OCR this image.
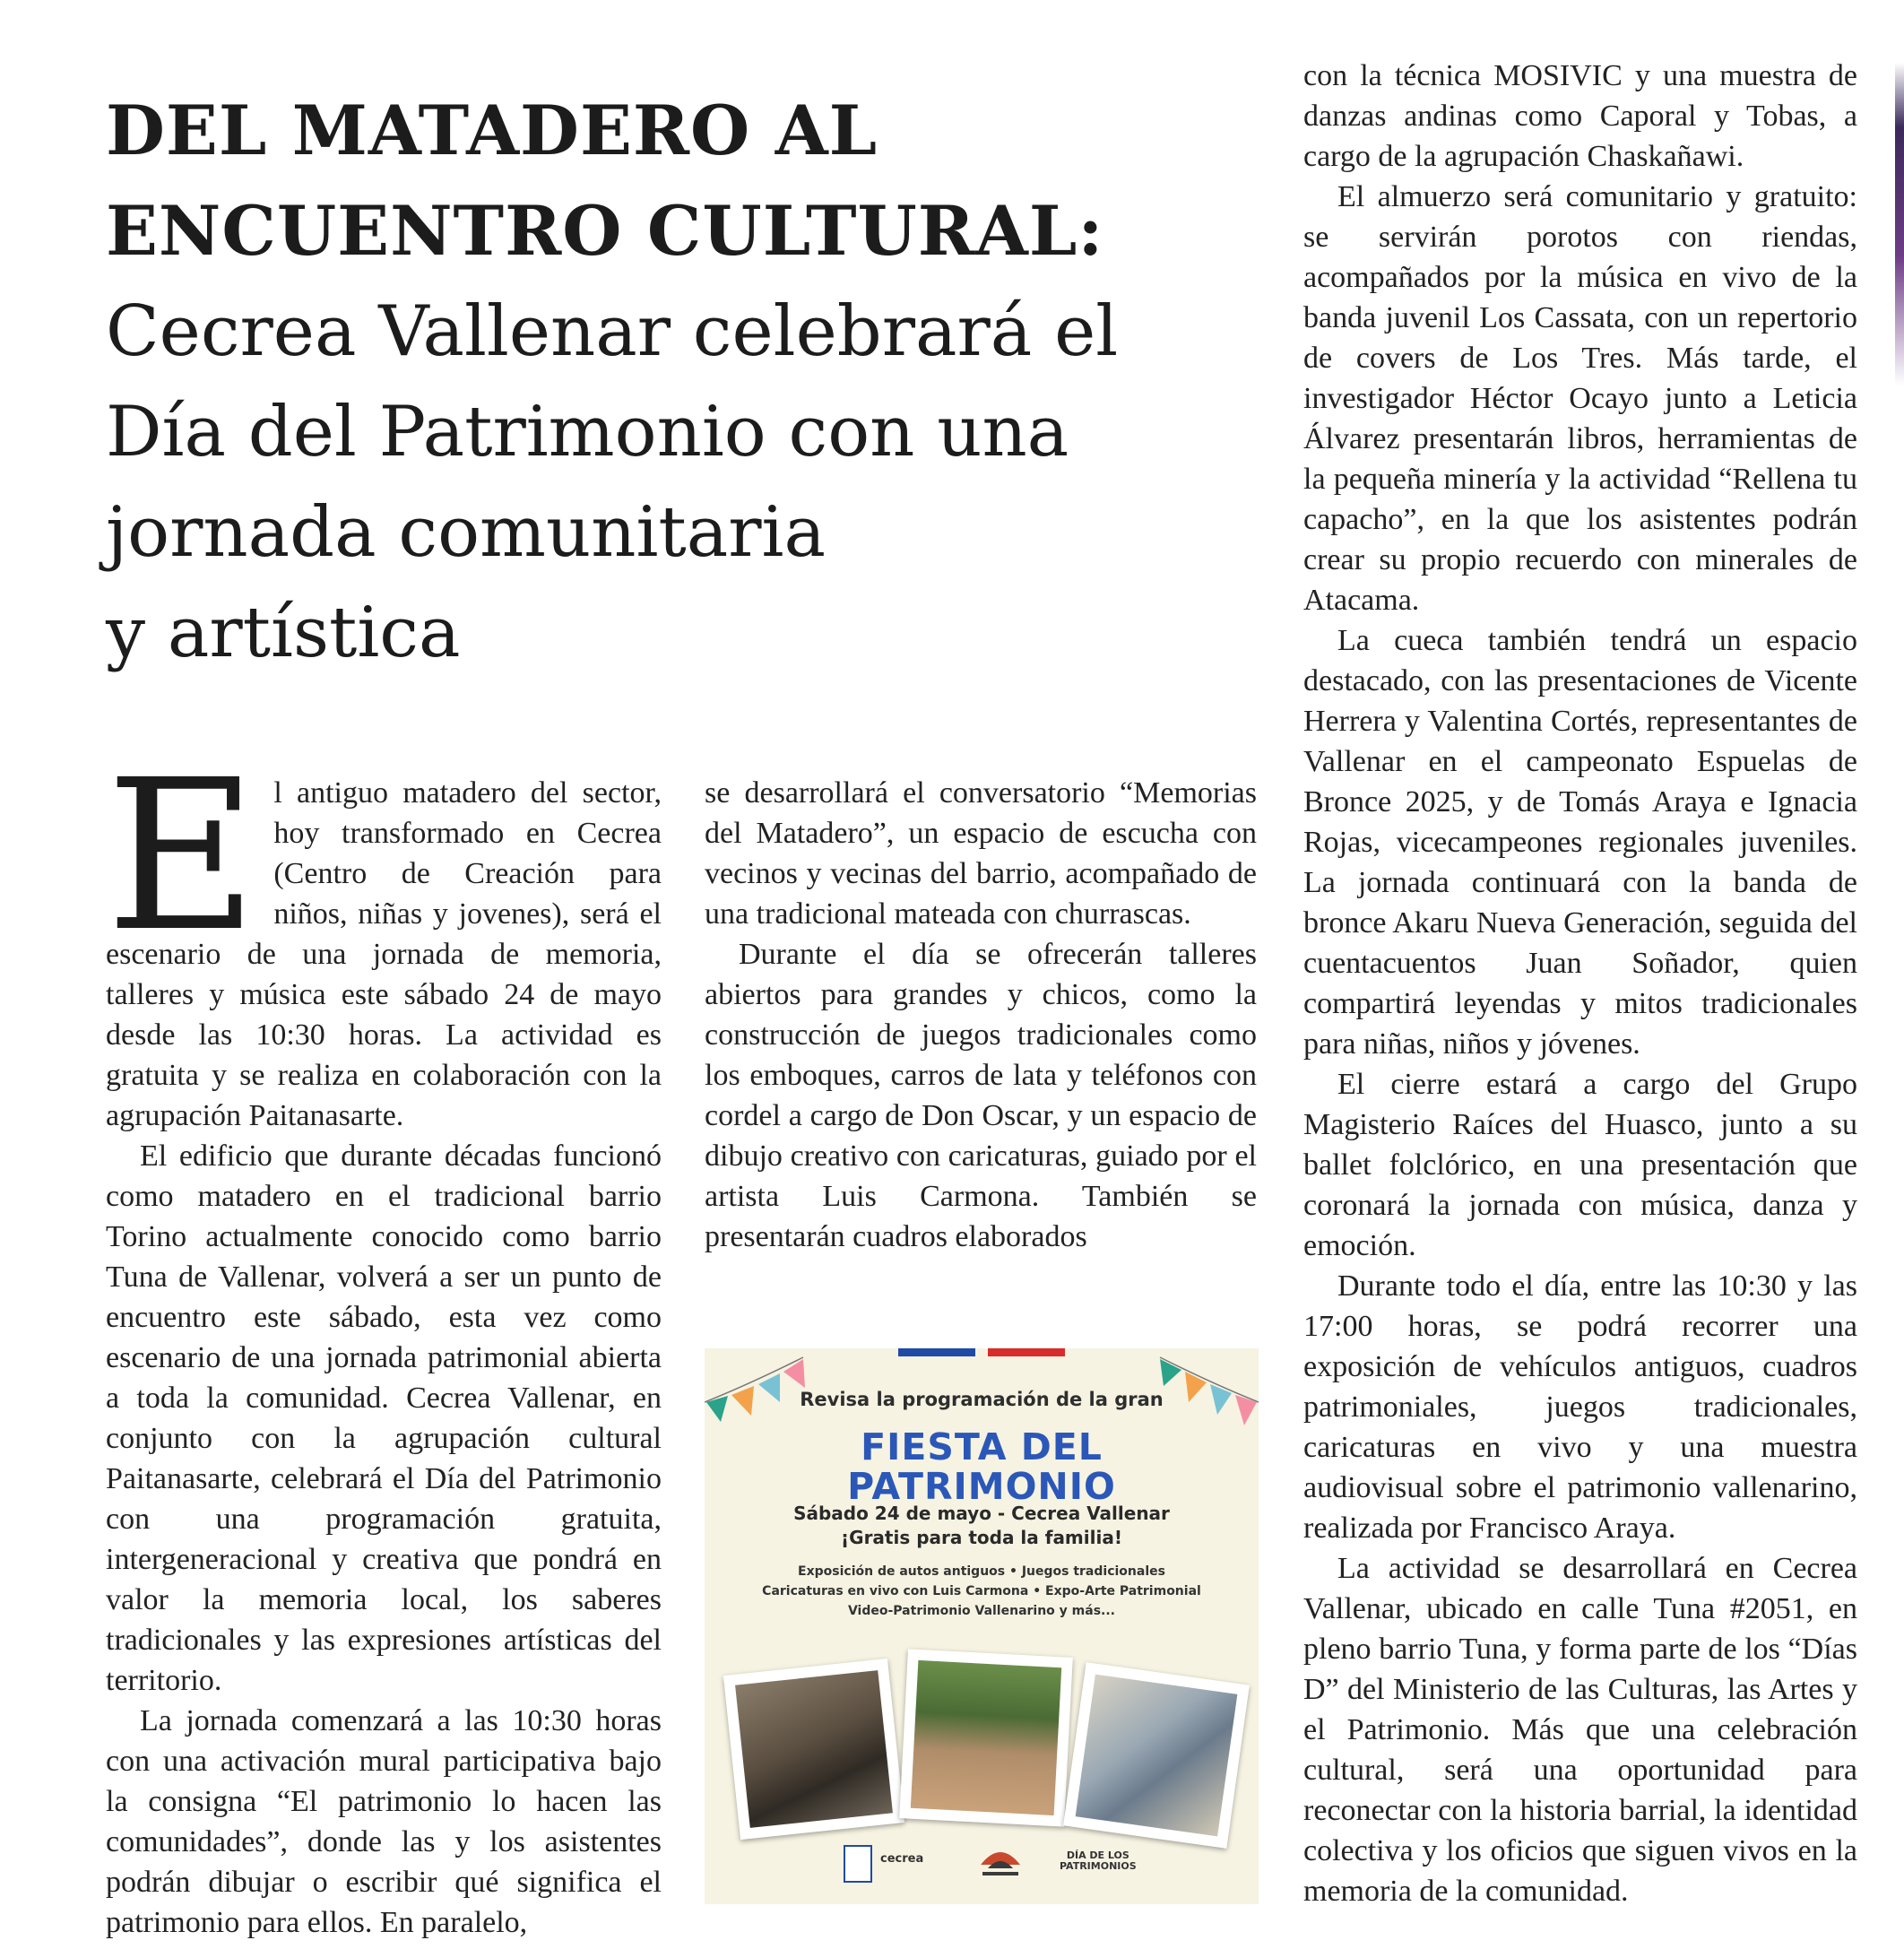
DEL MATADERO AL
ENCUENTRO CULTURAL:
Cecrea Vallenar celebrará el
Día del Patrimonio con una
jornada comunitaria
y artística

El antiguo matadero del sector, hoy transformado en Cecrea (Centro de Creación para niños, niñas y jovenes), será el escenario de una jornada de memoria, talleres y música este sábado 24 de mayo desde las 10:30 horas. La actividad es gratuita y se realiza en colaboración con la agrupación Paitanasarte.

El edificio que durante décadas funcionó como matadero en el tradicional barrio Torino actualmente conocido como barrio Tuna de Vallenar, volverá a ser un punto de encuentro este sábado, esta vez como escenario de una jornada patrimonial abierta a toda la comunidad. Cecrea Vallenar, en conjunto con la agrupación cultural Paitanasarte, celebrará el Día del Patrimonio con una programación gratuita, intergeneracional y creativa que pondrá en valor la memoria local, los saberes tradicionales y las expresiones artísticas del territorio.

La jornada comenzará a las 10:30 horas con una activación mural participativa bajo la consigna “El patrimonio lo hacen las comunidades”, donde las y los asistentes podrán dibujar o escribir qué significa el patrimonio para ellos. En paralelo,

se desarrollará el conversatorio “Memorias del Matadero”, un espacio de escucha con vecinos y vecinas del barrio, acompañado de una tradicional mateada con churrascas.

Durante el día se ofrecerán talleres abiertos para grandes y chicos, como la construcción de juegos tradicionales como los emboques, carros de lata y teléfonos con cordel a cargo de Don Oscar, y un espacio de dibujo creativo con caricaturas, guiado por el artista Luis Carmona. También se presentarán cuadros elaborados

con la técnica MOSIVIC y una muestra de danzas andinas como Caporal y Tobas, a cargo de la agrupación Chaskañawi.

El almuerzo será comunitario y gratuito: se servirán porotos con riendas, acompañados por la música en vivo de la banda juvenil Los Cassata, con un repertorio de covers de Los Tres. Más tarde, el investigador Héctor Ocayo junto a Leticia Álvarez presentarán libros, herramientas de la pequeña minería y la actividad “Rellena tu capacho”, en la que los asistentes podrán crear su propio recuerdo con minerales de Atacama.

La cueca también tendrá un espacio destacado, con las presentaciones de Vicente Herrera y Valentina Cortés, representantes de Vallenar en el campeonato Espuelas de Bronce 2025, y de Tomás Araya e Ignacia Rojas, vicecampeones regionales juveniles. La jornada continuará con la banda de bronce Akaru Nueva Generación, seguida del cuentacuentos Juan Soñador, quien compartirá leyendas y mitos tradicionales para niñas, niños y jóvenes.

El cierre estará a cargo del Grupo Magisterio Raíces del Huasco, junto a su ballet folclórico, en una presentación que coronará la jornada con música, danza y emoción.

Durante todo el día, entre las 10:30 y las 17:00 horas, se podrá recorrer una exposición de vehículos antiguos, cuadros patrimoniales, juegos tradicionales, caricaturas en vivo y una muestra audiovisual sobre el patrimonio vallenarino, realizada por Francisco Araya.

La actividad se desarrollará en Cecrea Vallenar, ubicado en calle Tuna #2051, en pleno barrio Tuna, y forma parte de los “Días D” del Ministerio de las Culturas, las Artes y el Patrimonio. Más que una celebración cultural, será una oportunidad para reconectar con la historia barrial, la identidad colectiva y los oficios que siguen vivos en la memoria de la comunidad.

Revisa la programación de la gran
FIESTA DEL
PATRIMONIO
Sábado 24 de mayo - Cecrea Vallenar
¡Gratis para toda la familia!
Exposición de autos antiguos • Juegos tradicionales
Caricaturas en vivo con Luis Carmona • Expo-Arte Patrimonial
Video-Patrimonio Vallenarino y más...
cecrea	DÍA DE LOS
PATRIMONIOS
